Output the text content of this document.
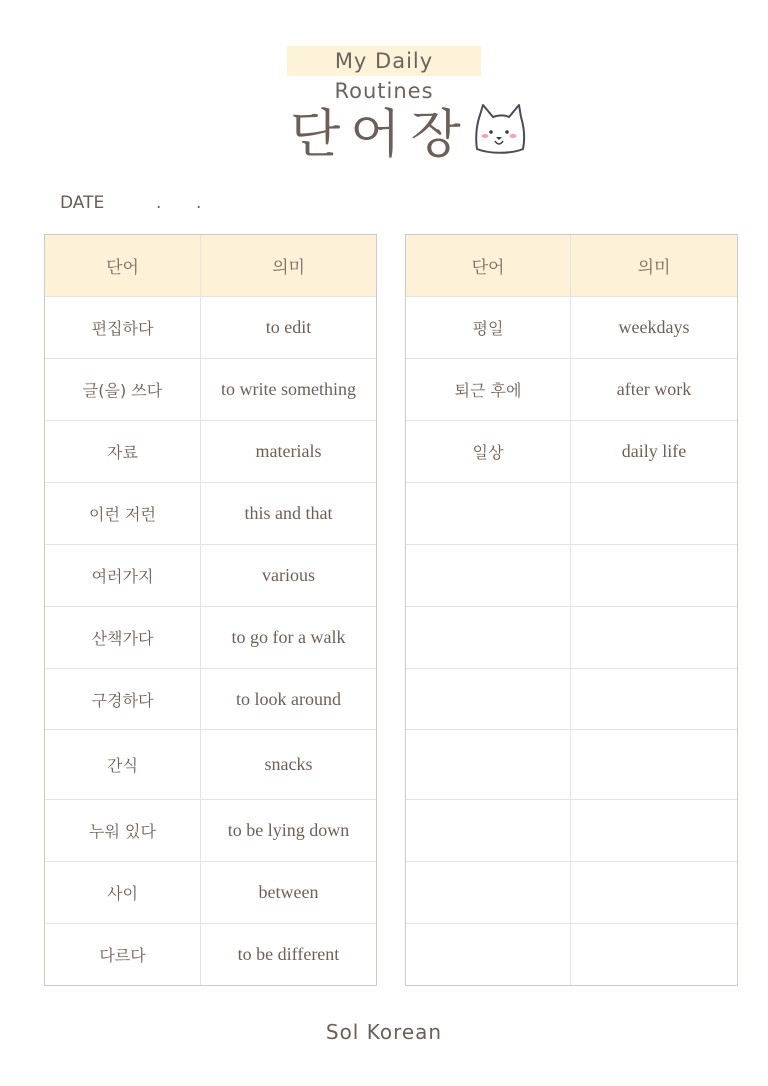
My Daily Routines
단어장
DATE	. .
단어	의미
편집하다	to edit
글(을) 쓰다	to write something
자료	materials
이런 저런	this and that
여러가지	various
산책가다	to go for a walk
구경하다	to look around
간식	snacks
누워 있다	to be lying down
사이	between
다르다	to be different
단어	의미
평일	weekdays
퇴근 후에	after work
일상	daily life
Sol Korean
